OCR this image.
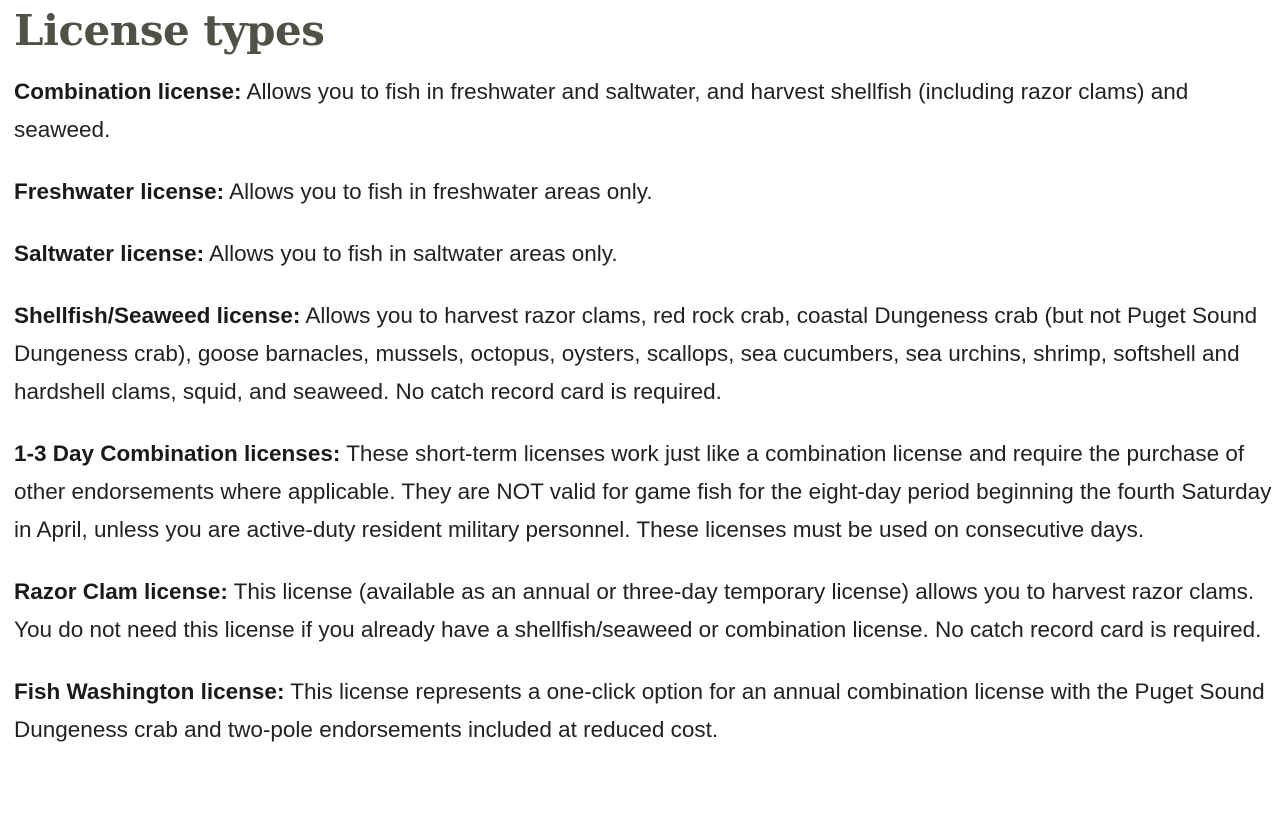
License types

Combination license: Allows you to fish in freshwater and saltwater, and harvest shellfish (including razor clams) and seaweed.

Freshwater license: Allows you to fish in freshwater areas only.

Saltwater license: Allows you to fish in saltwater areas only.

Shellfish/Seaweed license: Allows you to harvest razor clams, red rock crab, coastal Dungeness crab (but not Puget Sound Dungeness crab), goose barnacles, mussels, octopus, oysters, scallops, sea cucumbers, sea urchins, shrimp, softshell and hardshell clams, squid, and seaweed. No catch record card is required.

1-3 Day Combination licenses: These short-term licenses work just like a combination license and require the purchase of other endorsements where applicable. They are NOT valid for game fish for the eight-day period beginning the fourth Saturday in April, unless you are active-duty resident military personnel. These licenses must be used on consecutive days.

Razor Clam license: This license (available as an annual or three-day temporary license) allows you to harvest razor clams. You do not need this license if you already have a shellfish/seaweed or combination license. No catch record card is required.

Fish Washington license: This license represents a one-click option for an annual combination license with the Puget Sound Dungeness crab and two-pole endorsements included at reduced cost.
